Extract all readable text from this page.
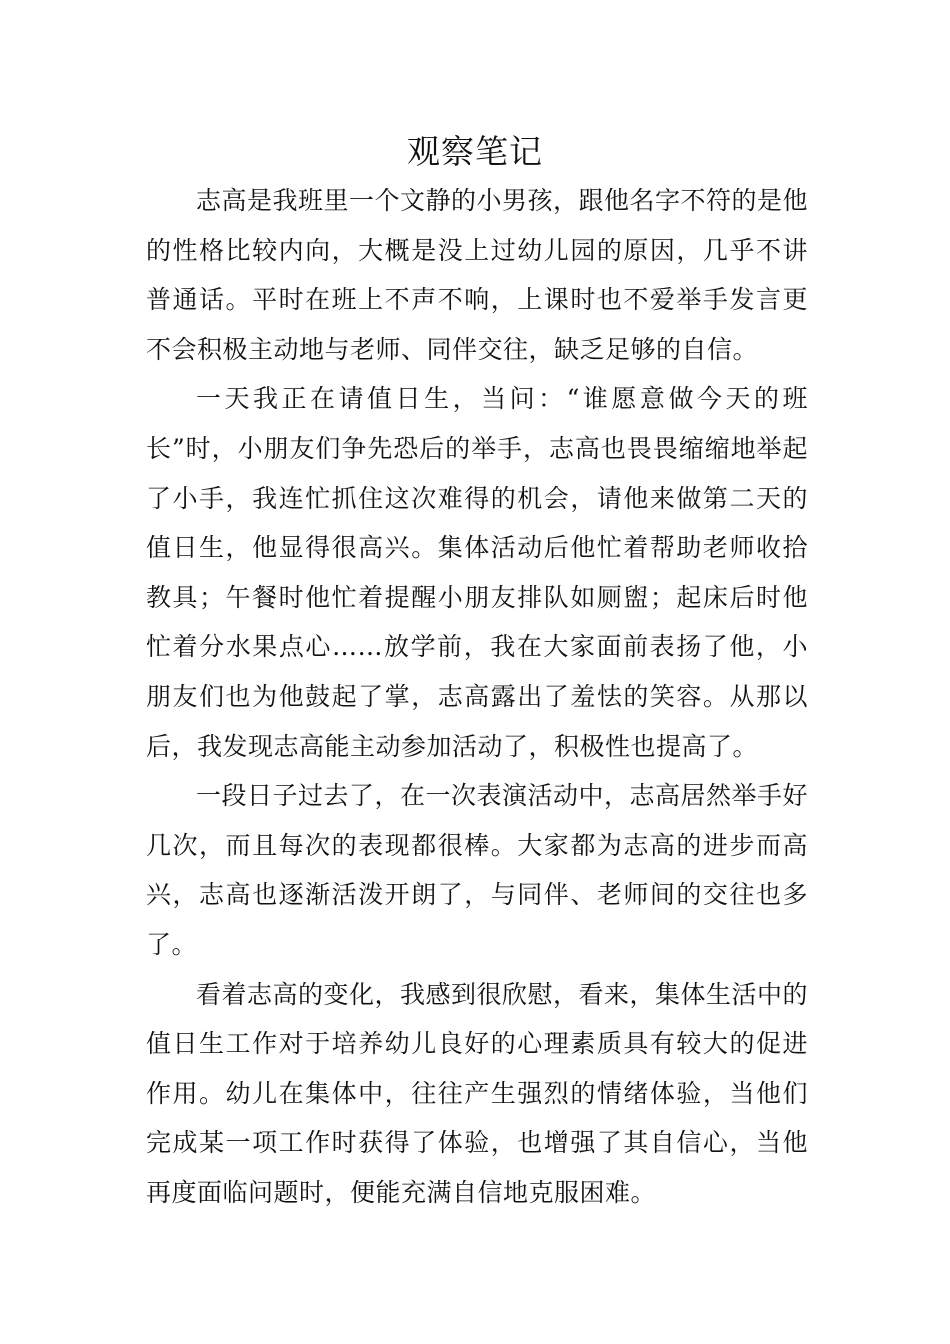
观察笔记

志高是我班里一个文静的小男孩，跟他名字不符的是他的性格比较内向，大概是没上过幼儿园的原因，几乎不讲普通话。平时在班上不声不响，上课时也不爱举手发言更不会积极主动地与老师、同伴交往，缺乏足够的自信。

一天我正在请值日生，当问：“谁愿意做今天的班长”时，小朋友们争先恐后的举手，志高也畏畏缩缩地举起了小手，我连忙抓住这次难得的机会，请他来做第二天的值日生，他显得很高兴。集体活动后他忙着帮助老师收拾教具；午餐时他忙着提醒小朋友排队如厕盥；起床后时他忙着分水果点心……放学前，我在大家面前表扬了他，小朋友们也为他鼓起了掌，志高露出了羞怯的笑容。从那以后，我发现志高能主动参加活动了，积极性也提高了。

一段日子过去了，在一次表演活动中，志高居然举手好几次，而且每次的表现都很棒。大家都为志高的进步而高兴，志高也逐渐活泼开朗了，与同伴、老师间的交往也多了。

看着志高的变化，我感到很欣慰，看来，集体生活中的值日生工作对于培养幼儿良好的心理素质具有较大的促进作用。幼儿在集体中，往往产生强烈的情绪体验，当他们完成某一项工作时获得了体验，也增强了其自信心，当他再度面临问题时，便能充满自信地克服困难。
